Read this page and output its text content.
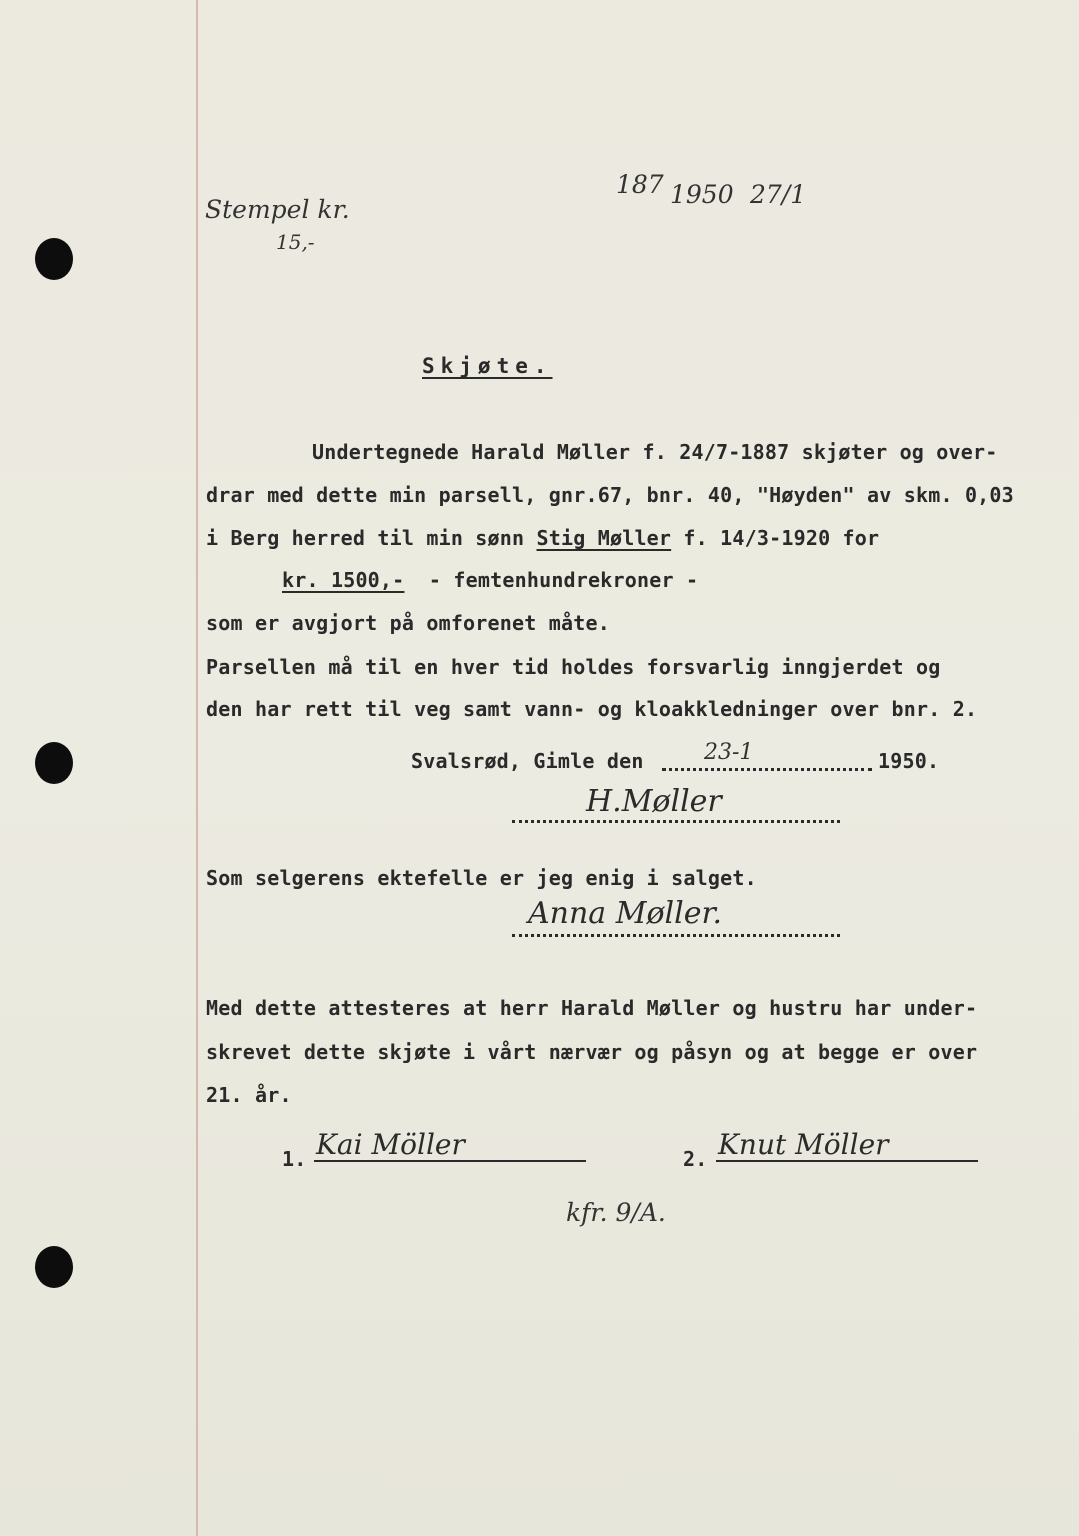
Stempel kr.
15,-
187 1950 27/1
Skjøte.
Undertegnede Harald Møller f. 24/7-1887 skjøter og over-
drar med dette min parsell, gnr.67, bnr. 40, "Høyden" av skm. 0,03
i Berg herred til min sønn Stig Møller f. 14/3-1920 for
kr. 1500,- - femtenhundrekroner -
som er avgjort på omforenet måte.
Parsellen må til en hver tid holdes forsvarlig inngjerdet og
den har rett til veg samt vann- og kloakkledninger over bnr. 2.
Svalsrød, Gimle den	23-1	1950.
H.Møller
Som selgerens ektefelle er jeg enig i salget.
Anna Møller.
Med dette attesteres at herr Harald Møller og hustru har under-
skrevet dette skjøte i vårt nærvær og påsyn og at begge er over
21. år.
1. Kai Möller	2. Knut Möller
kfr. 9/A.
